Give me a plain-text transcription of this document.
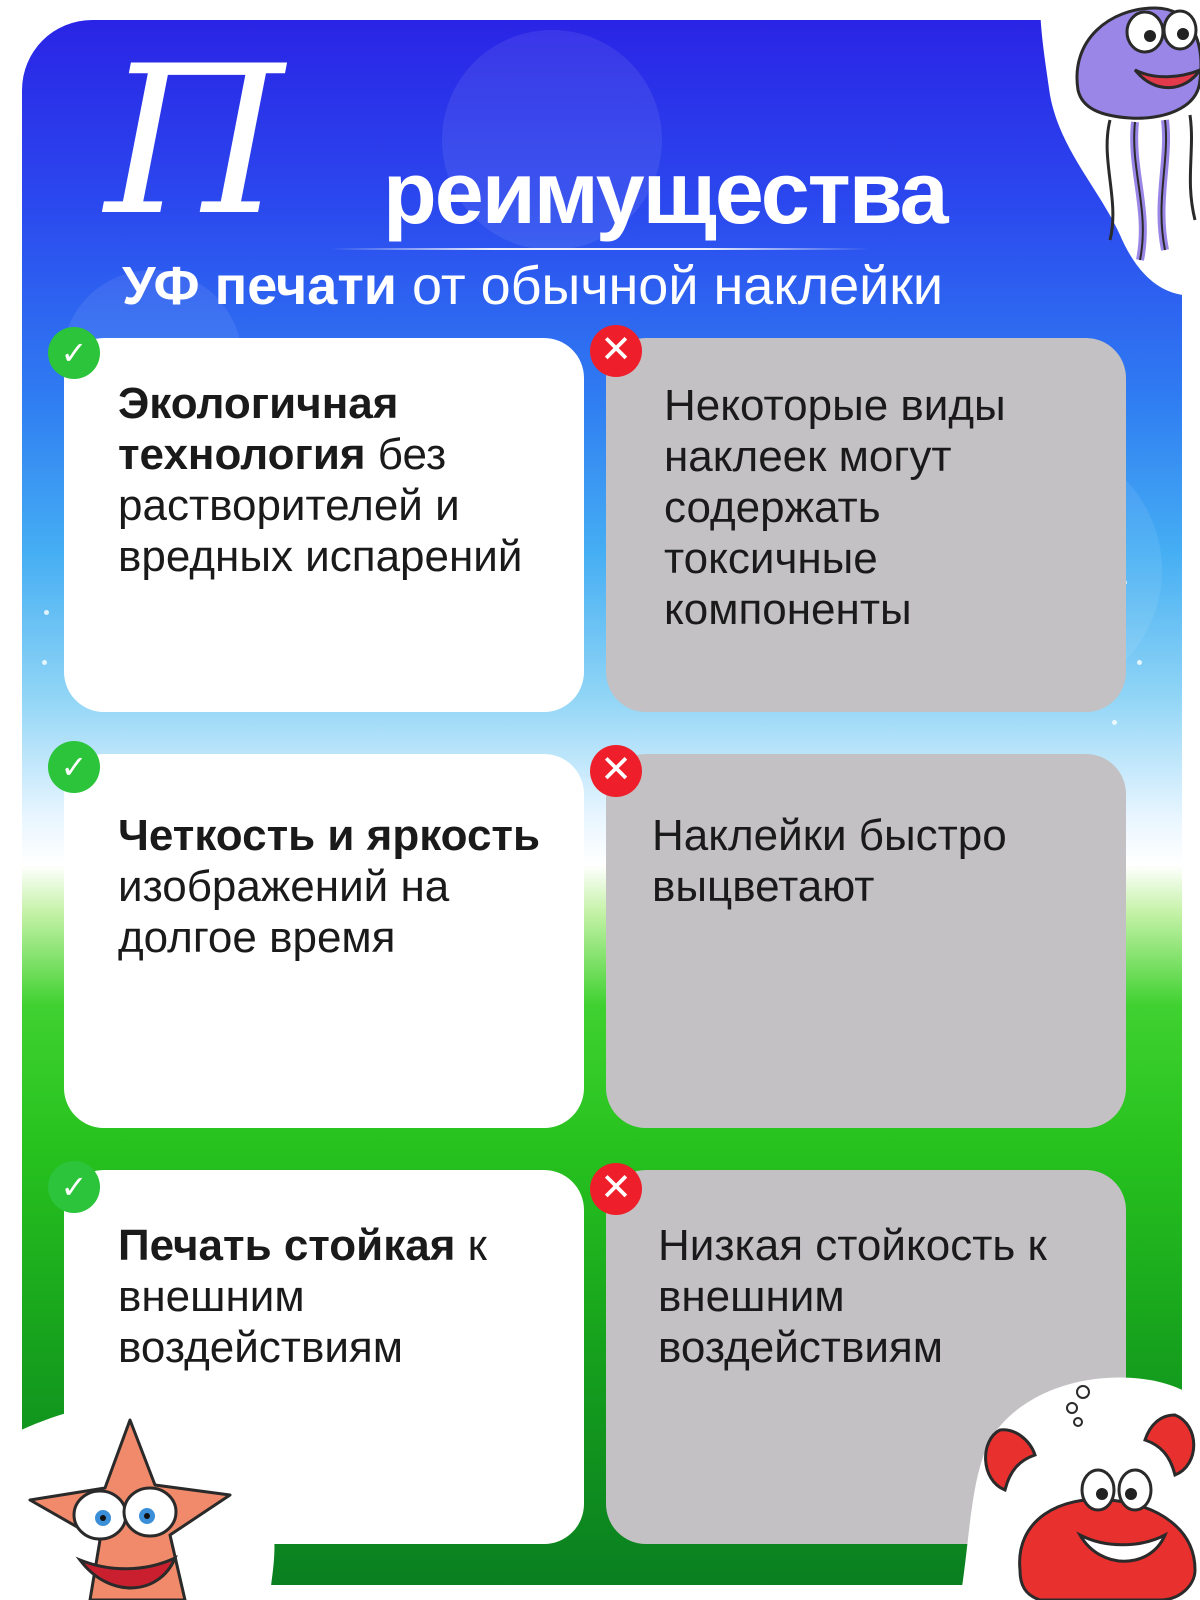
П реимущества
УФ печати от обычной наклейки
Экологичная технология без растворителей и вредных испарений
✓
Некоторые виды наклеек могут содержать токсичные компоненты
✕
Четкость и яркость изображений на долгое время
✓
Наклейки быстро выцветают
✕
Печать стойкая к внешним воздействиям
✓
Низкая стойкость к внешним воздействиям
✕
